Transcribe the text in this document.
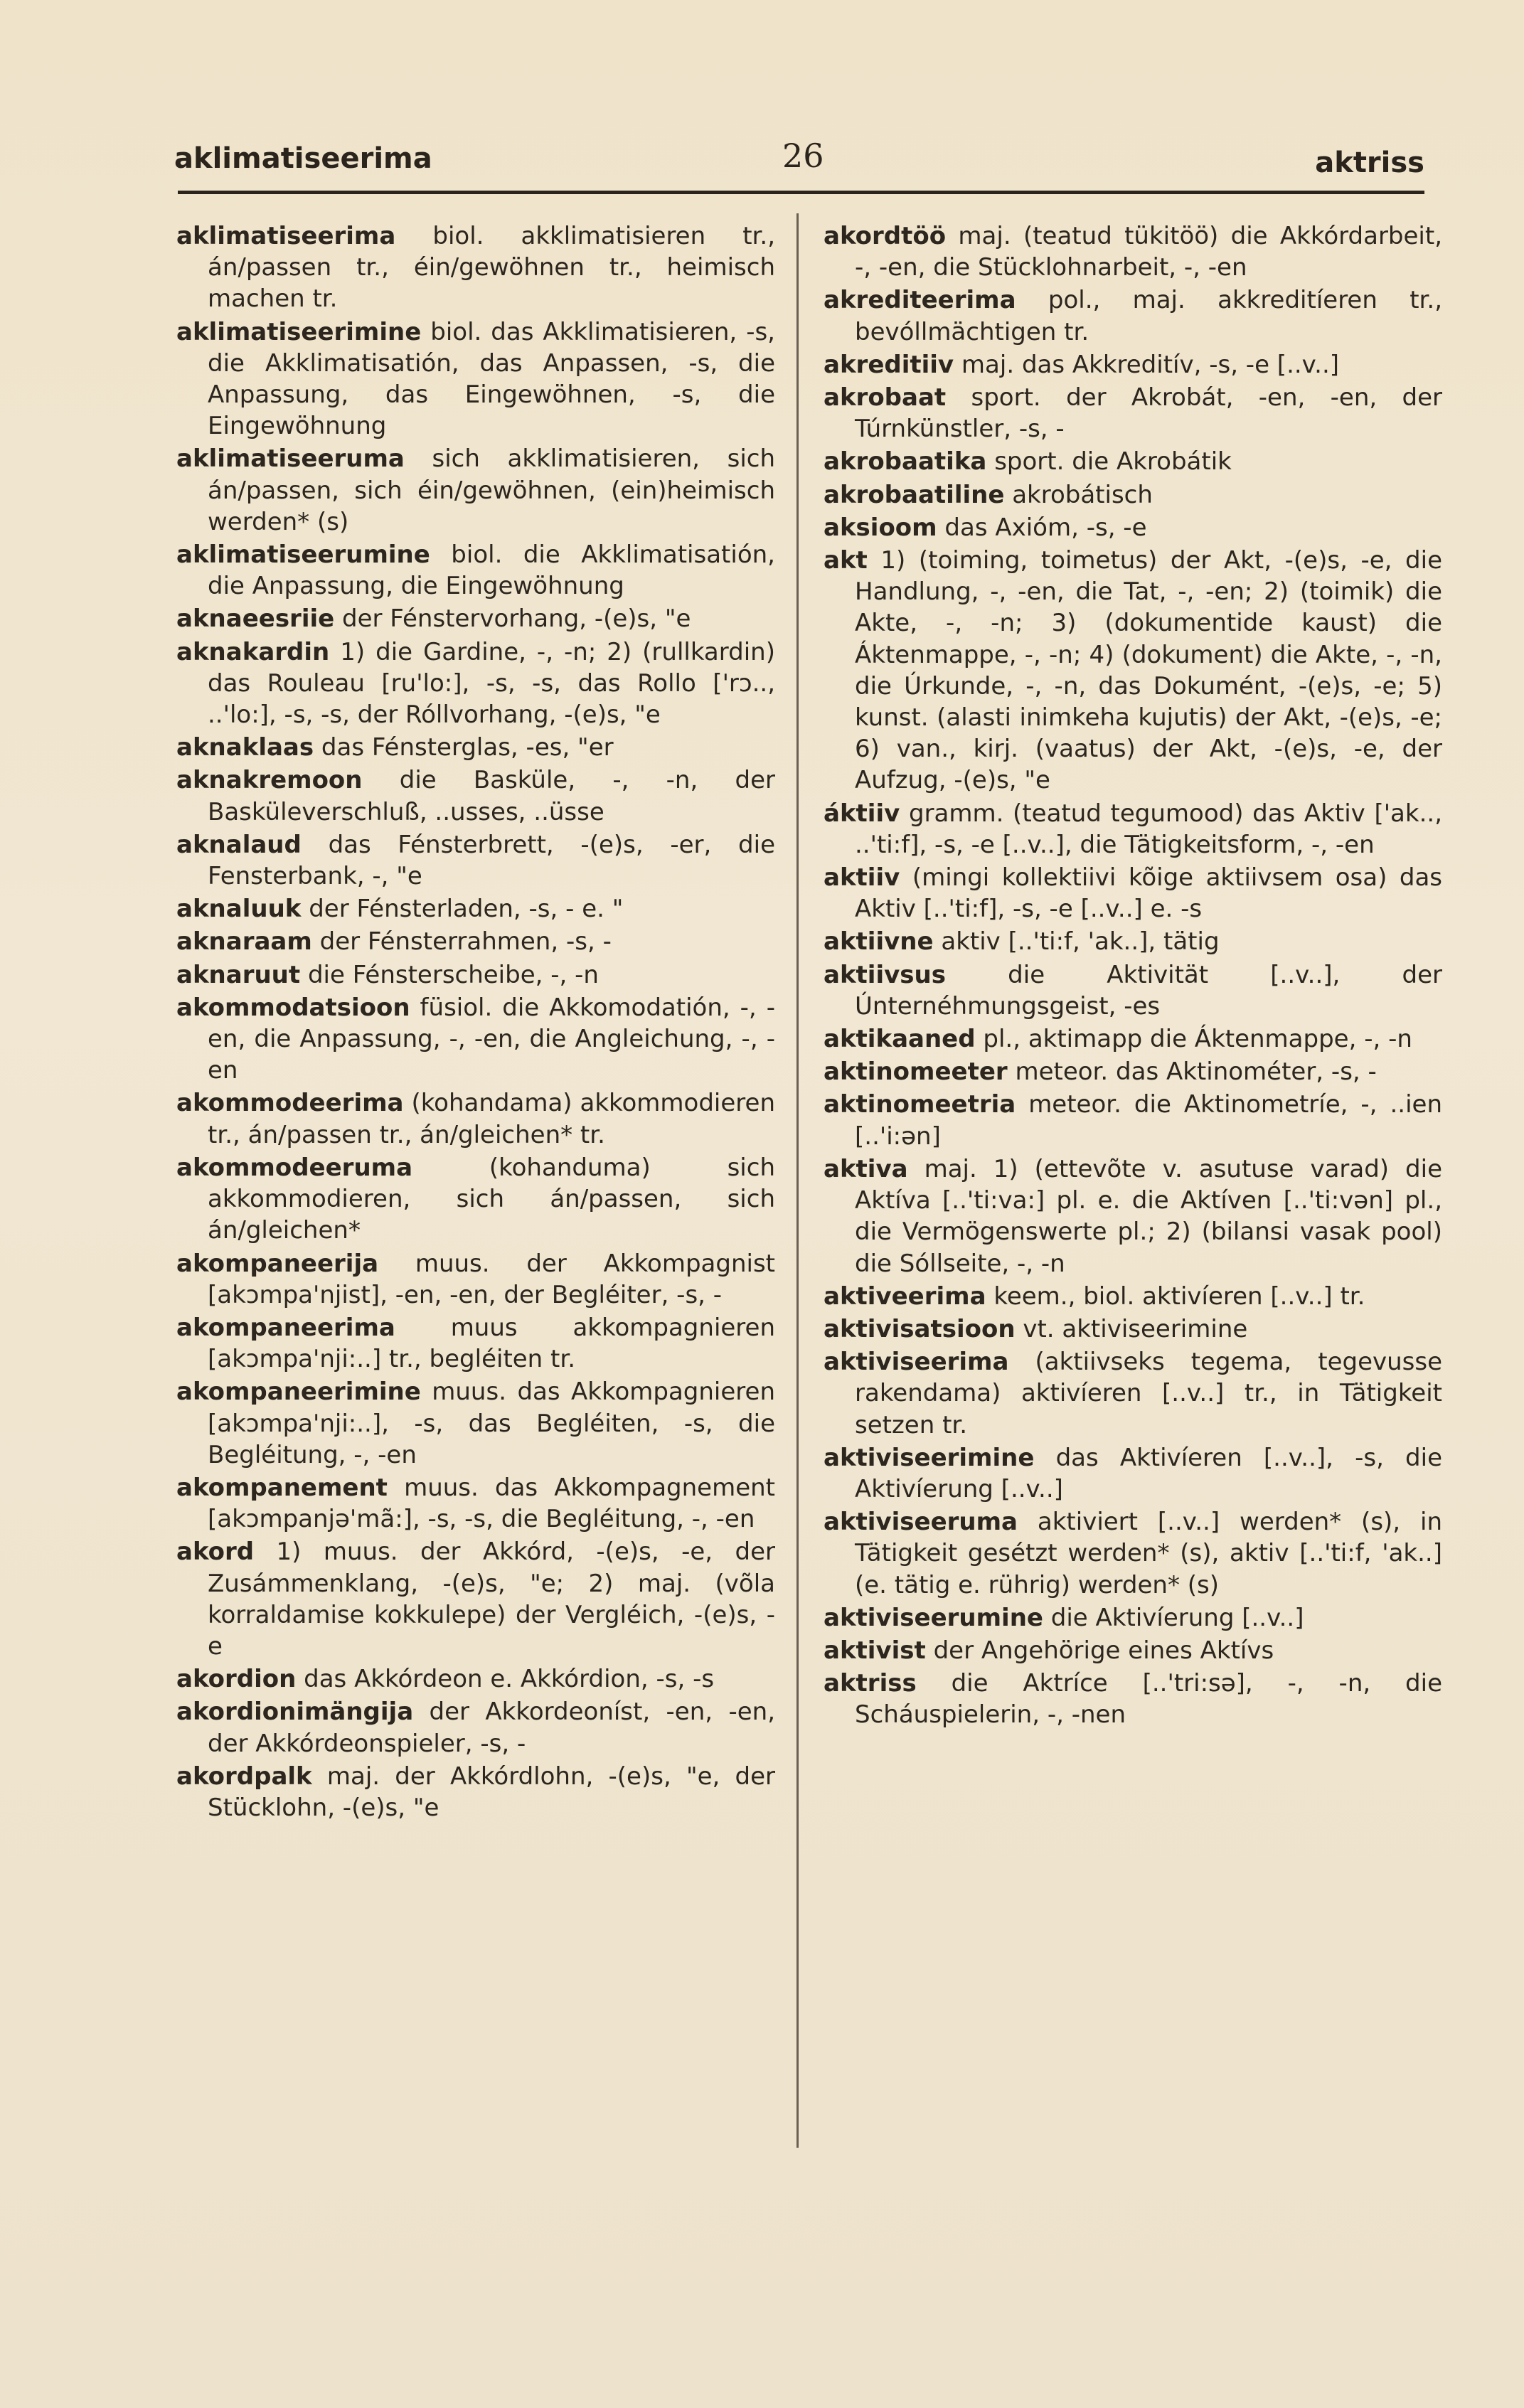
aklimatiseerima	26	aktriss

aklimatiseerima biol. akklimatisieren tr., án/passen tr., éin/gewöhnen tr., heimisch machen tr.

aklimatiseerimine biol. das Akklimatisieren, -s, die Akklimatisatión, das Anpassen, -s, die Anpassung, das Eingewöhnen, -s, die Eingewöhnung

aklimatiseeruma sich akklimatisieren, sich án/passen, sich éin/gewöhnen, (ein)heimisch werden* (s)

aklimatiseerumine biol. die Akklimatisatión, die Anpassung, die Eingewöhnung

aknaeesriie der Fénstervorhang, -(e)s, "e

aknakardin 1) die Gardine, -, -n; 2) (rullkardin) das Rouleau [ru'lo:], -s, -s, das Rollo ['rɔ.., ..'lo:], -s, -s, der Róllvorhang, -(e)s, "e

aknaklaas das Fénsterglas, -es, "er

aknakremoon die Baskülе, -, -n, der Basküleverschluß, ..usses, ..üsse

aknalaud das Fénsterbrett, -(e)s, -er, die Fensterbank, -, "e

aknaluuk der Fénsterladen, -s, - e. "

aknaraam der Fénsterrahmen, -s, -

aknaruut die Fénsterscheibe, -, -n

akommodatsioon füsiol. die Akkomodatión, -, -en, die Anpassung, -, -en, die Angleichung, -, -en

akommodeerima (kohandama) akkommodieren tr., án/passen tr., án/gleichen* tr.

akommodeeruma	(kohanduma) sich akkommodieren, sich án/passen, sich án/gleichen*

akompaneerija muus. der Akkompagnist [akɔmpa'njist], -en, -en, der Begléiter, -s, -

akompaneerima muus akkompagnieren [akɔmpa'nji:..] tr., begléiten tr.

akompaneerimine muus. das Akkompagnieren [akɔmpa'nji:..], -s, das Begléiten, -s, die Begléitung, -, -en

akompanement muus. das Akkompagnement [akɔmpanjə'mã:], -s, -s, die Begléitung, -, -en

akord 1) muus. der Akkórd, -(e)s, -e, der Zusámmenklang, -(e)s, "e; 2) maj. (võla korraldamise kokkulepe) der Vergléich, -(e)s, -e

akordion das Akkórdeon e. Akkórdion, -s, -s

akordionimängija der Akkordeoníst, -en, -en, der Akkórdeonspieler, -s, -

akordpalk maj. der Akkórdlohn, -(e)s, "e, der Stücklohn, -(e)s, "e

akordtöö maj. (teatud tükitöö) die Akkórdarbeit, -, -en, die Stücklohnarbeit, -, -en

akrediteerima pol., maj. akkreditíeren tr., bevóllmächtigen tr.

akreditiiv maj. das Akkreditív, -s, -e [..v..]

akrobaat sport. der Akrobát, -en, -en, der Túrnkünstler, -s, -

akrobaatika sport. die Akrobátik

akrobaatiline akrobátisch

aksioom das Axióm, -s, -e

akt 1) (toiming, toimetus) der Akt, -(e)s, -e, die Handlung, -, -en, die Tat, -, -en; 2) (toimik) die Akte, -, -n; 3) (dokumentide kaust) die Áktenmappe, -, -n; 4) (dokument) die Akte, -, -n, die Úrkunde, -, -n, das Dokumént, -(e)s, -e; 5) kunst. (alasti inimkeha kujutis) der Akt, -(e)s, -e; 6) van., kirj. (vaatus) der Akt, -(e)s, -e, der Aufzug, -(e)s, "e

áktiiv gramm. (teatud tegumood) das Aktiv ['ak.., ..'ti:f], -s, -e [..v..], die Tätigkeitsform, -, -en

aktiiv (mingi kollektiivi kõige aktiivsem osa) das Aktiv [..'ti:f], -s, -e [..v..] e. -s

aktiivne aktiv [..'ti:f, 'ak..], tätig

aktiivsus	die Aktivität [..v..], der Únternéhmungsgeist, -es

aktikaaned pl., aktimapp die Áktenmappe, -, -n

aktinomeeter meteor. das Aktinométer, -s, -

aktinomeetria meteor. die Aktinometríe, -, ..ien [..'i:ən]

aktiva maj. 1) (ettevõte v. asutuse varad) die Aktíva [..'ti:va:] pl. e. die Aktíven [..'ti:vən] pl., die Vermögenswerte pl.; 2) (bilansi vasak pool) die Sóllseite, -, -n

aktiveerima keem., biol. aktivíeren [..v..] tr.

aktivisatsioon vt. aktiviseerimine

aktiviseerima (aktiivseks tegema, tegevusse rakendama) aktivíeren [..v..] tr., in Tätigkeit setzen tr.

aktiviseerimine das Aktivíeren [..v..], -s, die Aktivíerung [..v..]

aktiviseeruma aktiviert [..v..] werden* (s), in Tätigkeit gesétzt werden* (s), aktiv [..'ti:f, 'ak..] (e. tätig e. rührig) werden* (s)

aktiviseerumine die Aktivíerung [..v..]

aktivist der Angehörige eines Aktívs

aktriss die Aktríce [..'tri:sə], -, -n, die Scháuspielerin, -, -nen
